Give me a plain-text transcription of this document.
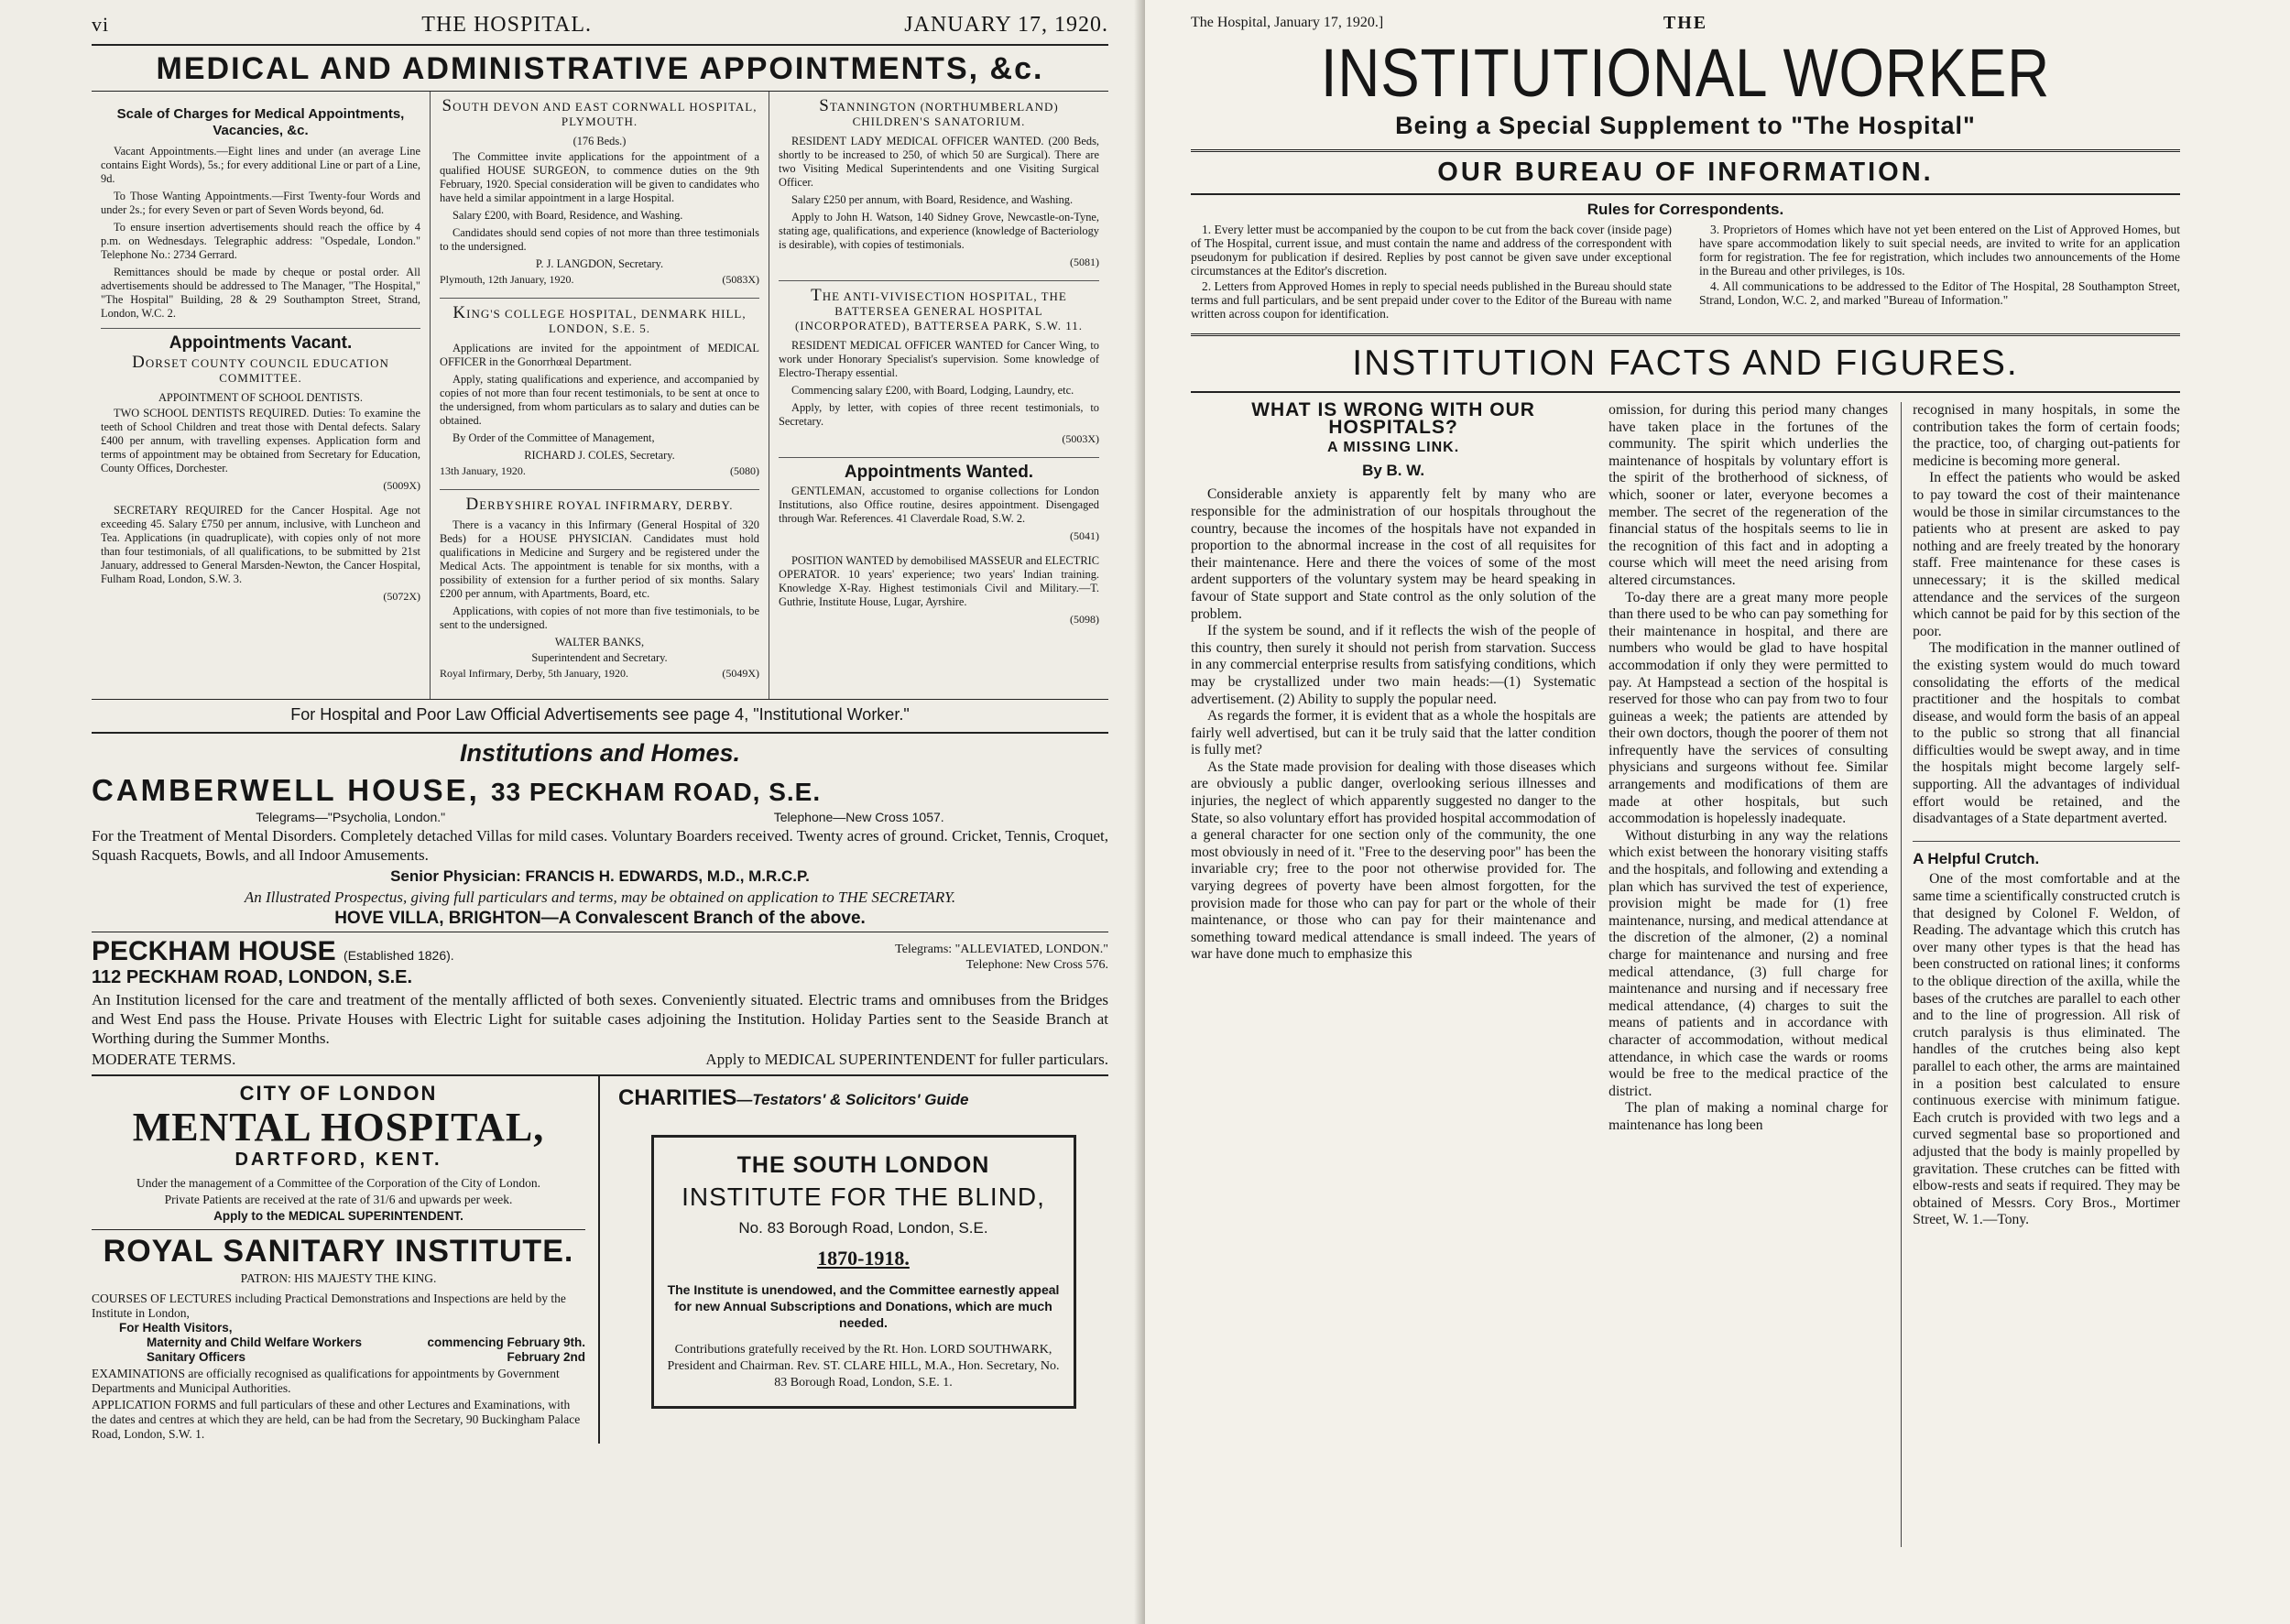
vi	THE HOSPITAL.	JANUARY 17, 1920.
MEDICAL AND ADMINISTRATIVE APPOINTMENTS, &c.
Scale of Charges for Medical Appointments, Vacancies, &c.

Vacant Appointments.—Eight lines and under (an average Line contains Eight Words), 5s.; for every additional Line or part of a Line, 9d.

To Those Wanting Appointments.—First Twenty-four Words and under 2s.; for every Seven or part of Seven Words beyond, 6d.

To ensure insertion advertisements should reach the office by 4 p.m. on Wednesdays. Telegraphic address: "Ospedale, London." Telephone No.: 2734 Gerrard.

Remittances should be made by cheque or postal order. All advertisements should be addressed to The Manager, "The Hospital," "The Hospital" Building, 28 & 29 Southampton Street, Strand, London, W.C. 2.

Appointments Vacant.
DORSET COUNTY COUNCIL EDUCATION COMMITTEE.
APPOINTMENT OF SCHOOL DENTISTS.

TWO SCHOOL DENTISTS REQUIRED. Duties: To examine the teeth of School Children and treat those with Dental defects. Salary £400 per annum, with travelling expenses. Application form and terms of appointment may be obtained from Secretary for Education, County Offices, Dorchester.

(5009X)

SECRETARY REQUIRED for the Cancer Hospital. Age not exceeding 45. Salary £750 per annum, inclusive, with Luncheon and Tea. Applications (in quadruplicate), with copies only of not more than four testimonials, of all qualifications, to be submitted by 21st January, addressed to General Marsden-Newton, the Cancer Hospital, Fulham Road, London, S.W. 3.

(5072X)
SOUTH DEVON AND EAST CORNWALL HOSPITAL, PLYMOUTH.
(176 Beds.)

The Committee invite applications for the appointment of a qualified HOUSE SURGEON, to commence duties on the 9th February, 1920. Special consideration will be given to candidates who have held a similar appointment in a large Hospital.

Salary £200, with Board, Residence, and Washing.

Candidates should send copies of not more than three testimonials to the undersigned.

P. J. LANGDON, Secretary.
Plymouth, 12th January, 1920.	(5083X)
KING'S COLLEGE HOSPITAL, DENMARK HILL, LONDON, S.E. 5.

Applications are invited for the appointment of MEDICAL OFFICER in the Gonorrhœal Department.

Apply, stating qualifications and experience, and accompanied by copies of not more than four recent testimonials, to be sent at once to the undersigned, from whom particulars as to salary and duties can be obtained.

By Order of the Committee of Management,

RICHARD J. COLES, Secretary.
13th January, 1920.	(5080)
DERBYSHIRE ROYAL INFIRMARY, DERBY.

There is a vacancy in this Infirmary (General Hospital of 320 Beds) for a HOUSE PHYSICIAN. Candidates must hold qualifications in Medicine and Surgery and be registered under the Medical Acts. The appointment is tenable for six months, with a possibility of extension for a further period of six months. Salary £200 per annum, with Apartments, Board, etc.

Applications, with copies of not more than five testimonials, to be sent to the undersigned.

WALTER BANKS,
Superintendent and Secretary.
Royal Infirmary, Derby, 5th January, 1920.	(5049X)
STANNINGTON (NORTHUMBERLAND) CHILDREN'S SANATORIUM.

RESIDENT LADY MEDICAL OFFICER WANTED. (200 Beds, shortly to be increased to 250, of which 50 are Surgical). There are two Visiting Medical Superintendents and one Visiting Surgical Officer.

Salary £250 per annum, with Board, Residence, and Washing.

Apply to John H. Watson, 140 Sidney Grove, Newcastle-on-Tyne, stating age, qualifications, and experience (knowledge of Bacteriology is desirable), with copies of testimonials.

(5081)
THE ANTI-VIVISECTION HOSPITAL, THE BATTERSEA GENERAL HOSPITAL (INCORPORATED), BATTERSEA PARK, S.W. 11.

RESIDENT MEDICAL OFFICER WANTED for Cancer Wing, to work under Honorary Specialist's supervision. Some knowledge of Electro-Therapy essential.

Commencing salary £200, with Board, Lodging, Laundry, etc.

Apply, by letter, with copies of three recent testimonials, to Secretary.

(5003X)
Appointments Wanted.

GENTLEMAN, accustomed to organise collections for London Institutions, also Office routine, desires appointment. Disengaged through War. References. 41 Claverdale Road, S.W. 2.

(5041)

POSITION WANTED by demobilised MASSEUR and ELECTRIC OPERATOR. 10 years' experience; two years' Indian training. Knowledge X-Ray. Highest testimonials Civil and Military.—T. Guthrie, Institute House, Lugar, Ayrshire.

(5098)
For Hospital and Poor Law Official Advertisements see page 4, "Institutional Worker."
Institutions and Homes.
CAMBERWELL HOUSE, 33 PECKHAM ROAD, S.E.
Telegrams—"Psycholia, London."	Telephone—New Cross 1057.

For the Treatment of Mental Disorders. Completely detached Villas for mild cases. Voluntary Boarders received. Twenty acres of ground. Cricket, Tennis, Croquet, Squash Racquets, Bowls, and all Indoor Amusements.

Senior Physician: FRANCIS H. EDWARDS, M.D., M.R.C.P.

An Illustrated Prospectus, giving full particulars and terms, may be obtained on application to THE SECRETARY.

HOVE VILLA, BRIGHTON—A Convalescent Branch of the above.

PECKHAM HOUSE (Established 1826).
112 PECKHAM ROAD, LONDON, S.E.
Telegrams: "ALLEVIATED, LONDON."
Telephone: New Cross 576.

An Institution licensed for the care and treatment of the mentally afflicted of both sexes. Conveniently situated. Electric trams and omnibuses from the Bridges and West End pass the House. Private Houses with Electric Light for suitable cases adjoining the Institution. Holiday Parties sent to the Seaside Branch at Worthing during the Summer Months.

MODERATE TERMS.	Apply to MEDICAL SUPERINTENDENT for fuller particulars.
CITY OF LONDON
MENTAL HOSPITAL,
DARTFORD, KENT.

Under the management of a Committee of the Corporation of the City of London.

Private Patients are received at the rate of 31/6 and upwards per week.

Apply to the MEDICAL SUPERINTENDENT.

ROYAL SANITARY INSTITUTE.

PATRON: HIS MAJESTY THE KING.

COURSES OF LECTURES including Practical Demonstrations and Inspections are held by the Institute in London,

For Health Visitors,
Maternity and Child Welfare Workers	commencing February 9th.
Sanitary Officers	February 2nd

EXAMINATIONS are officially recognised as qualifications for appointments by Government Departments and Municipal Authorities.

APPLICATION FORMS and full particulars of these and other Lectures and Examinations, with the dates and centres at which they are held, can be had from the Secretary, 90 Buckingham Palace Road, London, S.W. 1.

CHARITIES—Testators' & Solicitors' Guide
THE SOUTH LONDON
INSTITUTE FOR THE BLIND,
No. 83 Borough Road, London, S.E.
1870-1918.
The Institute is unendowed, and the Committee earnestly appeal for new Annual Subscriptions and Donations, which are much needed.
Contributions gratefully received by the Rt. Hon. LORD SOUTHWARK, President and Chairman. Rev. ST. CLARE HILL, M.A., Hon. Secretary, No. 83 Borough Road, London, S.E. 1.
The Hospital, January 17, 1920.]	THE
INSTITUTIONAL WORKER
Being a Special Supplement to "The Hospital"
OUR BUREAU OF INFORMATION.
Rules for Correspondents.

1. Every letter must be accompanied by the coupon to be cut from the back cover (inside page) of The Hospital, current issue, and must contain the name and address of the correspondent with pseudonym for publication if desired. Replies by post cannot be given save under exceptional circumstances at the Editor's discretion.

2. Letters from Approved Homes in reply to special needs published in the Bureau should state terms and full particulars, and be sent prepaid under cover to the Editor of the Bureau with name written across coupon for identification.

3. Proprietors of Homes which have not yet been entered on the List of Approved Homes, but have spare accommodation likely to suit special needs, are invited to write for an application form for registration. The fee for registration, which includes two announcements of the Home in the Bureau and other privileges, is 10s.

4. All communications to be addressed to the Editor of The Hospital, 28 Southampton Street, Strand, London, W.C. 2, and marked "Bureau of Information."

INSTITUTION FACTS AND FIGURES.
WHAT IS WRONG WITH OUR HOSPITALS?
A MISSING LINK.
By B. W.

Considerable anxiety is apparently felt by many who are responsible for the administration of our hospitals throughout the country, because the incomes of the hospitals have not expanded in proportion to the abnormal increase in the cost of all requisites for their maintenance. Here and there the voices of some of the most ardent supporters of the voluntary system may be heard speaking in favour of State support and State control as the only solution of the problem.

If the system be sound, and if it reflects the wish of the people of this country, then surely it should not perish from starvation. Success in any commercial enterprise results from satisfying conditions, which may be crystallized under two main heads:—(1) Systematic advertisement. (2) Ability to supply the popular need.

As regards the former, it is evident that as a whole the hospitals are fairly well advertised, but can it be truly said that the latter condition is fully met?

As the State made provision for dealing with those diseases which are obviously a public danger, overlooking serious illnesses and injuries, the neglect of which apparently suggested no danger to the State, so also voluntary effort has provided hospital accommodation of a general character for one section only of the community, the one most obviously in need of it. "Free to the deserving poor" has been the invariable cry; free to the poor not otherwise provided for. The varying degrees of poverty have been almost forgotten, for the provision made for those who can pay for part or the whole of their maintenance, or those who can pay for their maintenance and something toward medical attendance is small indeed. The years of war have done much to emphasize this

omission, for during this period many changes have taken place in the fortunes of the community. The spirit which underlies the maintenance of hospitals by voluntary effort is the spirit of the brotherhood of sickness, of which, sooner or later, everyone becomes a member. The secret of the regeneration of the financial status of the hospitals seems to lie in the recognition of this fact and in adopting a course which will meet the need arising from altered circumstances.

To-day there are a great many more people than there used to be who can pay something for their maintenance in hospital, and there are numbers who would be glad to have hospital accommodation if only they were permitted to pay. At Hampstead a section of the hospital is reserved for those who can pay from two to four guineas a week; the patients are attended by their own doctors, though the poorer of them not infrequently have the services of consulting physicians and surgeons without fee. Similar arrangements and modifications of them are made at other hospitals, but such accommodation is hopelessly inadequate.

Without disturbing in any way the relations which exist between the honorary visiting staffs and the hospitals, and following and extending a plan which has survived the test of experience, provision might be made for (1) free maintenance, nursing, and medical attendance at the discretion of the almoner, (2) a nominal charge for maintenance and nursing and free medical attendance, (3) full charge for maintenance and nursing and if necessary free medical attendance, (4) charges to suit the means of patients and in accordance with character of accommodation, without medical attendance, in which case the wards or rooms would be free to the medical practice of the district.

The plan of making a nominal charge for maintenance has long been

recognised in many hospitals, in some the contribution takes the form of certain foods; the practice, too, of charging out-patients for medicine is becoming more general.

In effect the patients who would be asked to pay toward the cost of their maintenance would be those in similar circumstances to the patients who at present are asked to pay nothing and are freely treated by the honorary staff. Free maintenance for these cases is unnecessary; it is the skilled medical attendance and the services of the surgeon which cannot be paid for by this section of the poor.

The modification in the manner outlined of the existing system would do much toward consolidating the efforts of the medical practitioner and the hospitals to combat disease, and would form the basis of an appeal to the public so strong that all financial difficulties would be swept away, and in time the hospitals might become largely self-supporting. All the advantages of individual effort would be retained, and the disadvantages of a State department averted.

A Helpful Crutch.

One of the most comfortable and at the same time a scientifically constructed crutch is that designed by Colonel F. Weldon, of Reading. The advantage which this crutch has over many other types is that the head has been constructed on rational lines; it conforms to the oblique direction of the axilla, while the bases of the crutches are parallel to each other and to the line of progression. All risk of crutch paralysis is thus eliminated. The handles of the crutches being also kept parallel to each other, the arms are maintained in a position best calculated to ensure continuous exercise with minimum fatigue. Each crutch is provided with two legs and a curved segmental base so proportioned and adjusted that the body is mainly propelled by gravitation. These crutches can be fitted with elbow-rests and seats if required. They may be obtained of Messrs. Cory Bros., Mortimer Street, W. 1.—Tony.
